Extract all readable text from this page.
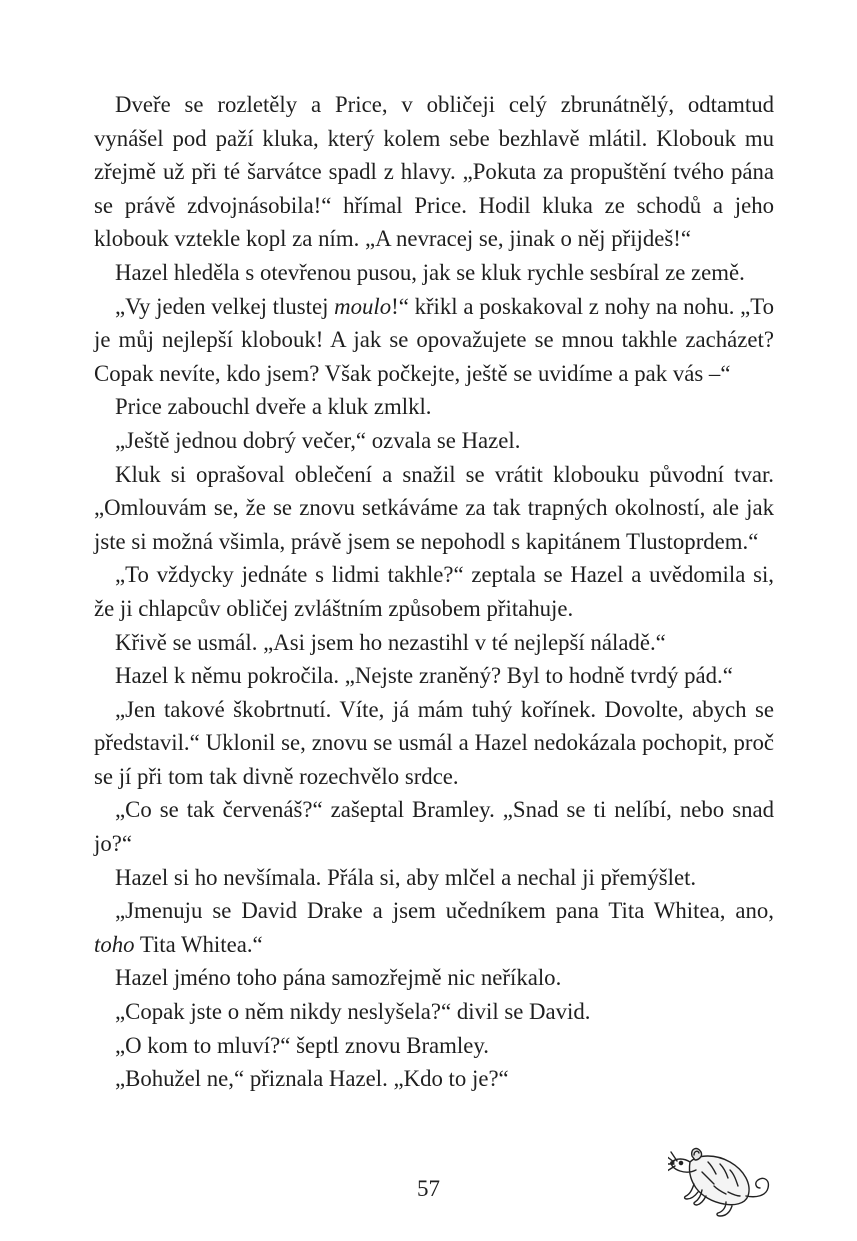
Dveře se rozletěly a Price, v obličeji celý zbrunátnělý, odtamtud vynášel pod paží kluka, který kolem sebe bezhlavě mlátil. Klobouk mu zřejmě už při té šarvátce spadl z hlavy. „Pokuta za propuštění tvého pána se právě zdvojnásobila!“ hřímal Price. Hodil kluka ze schodů a jeho klobouk vztekle kopl za ním. „A nevracej se, jinak o něj přijdeš!“

Hazel hleděla s otevřenou pusou, jak se kluk rychle sesbíral ze země.

„Vy jeden velkej tlustej moulo!“ křikl a poskakoval z nohy na nohu. „To je můj nejlepší klobouk! A jak se opovažujete se mnou takhle zacházet? Copak nevíte, kdo jsem? Však počkejte, ještě se uvidíme a pak vás –“

Price zabouchl dveře a kluk zmlkl.

„Ještě jednou dobrý večer,“ ozvala se Hazel.

Kluk si oprašoval oblečení a snažil se vrátit klobouku původní tvar. „Omlouvám se, že se znovu setkáváme za tak trapných okolností, ale jak jste si možná všimla, právě jsem se nepohodl s kapitánem Tlustoprdem.“

„To vždycky jednáte s lidmi takhle?“ zeptala se Hazel a uvědomila si, že ji chlapcův obličej zvláštním způsobem přitahuje.

Křivě se usmál. „Asi jsem ho nezastihl v té nejlepší náladě.“

Hazel k němu pokročila. „Nejste zraněný? Byl to hodně tvrdý pád.“

„Jen takové škobrtnutí. Víte, já mám tuhý kořínek. Dovolte, abych se představil.“ Uklonil se, znovu se usmál a Hazel nedokázala pochopit, proč se jí při tom tak divně rozechvělo srdce.

„Co se tak červenáš?“ zašeptal Bramley. „Snad se ti nelíbí, nebo snad jo?“

Hazel si ho nevšímala. Přála si, aby mlčel a nechal ji přemýšlet.

„Jmenuju se David Drake a jsem učedníkem pana Tita Whitea, ano, toho Tita Whitea.“

Hazel jméno toho pána samozřejmě nic neříkalo.

„Copak jste o něm nikdy neslyšela?“ divil se David.

„O kom to mluví?“ šeptl znovu Bramley.

„Bohužel ne,“ přiznala Hazel. „Kdo to je?“

57
